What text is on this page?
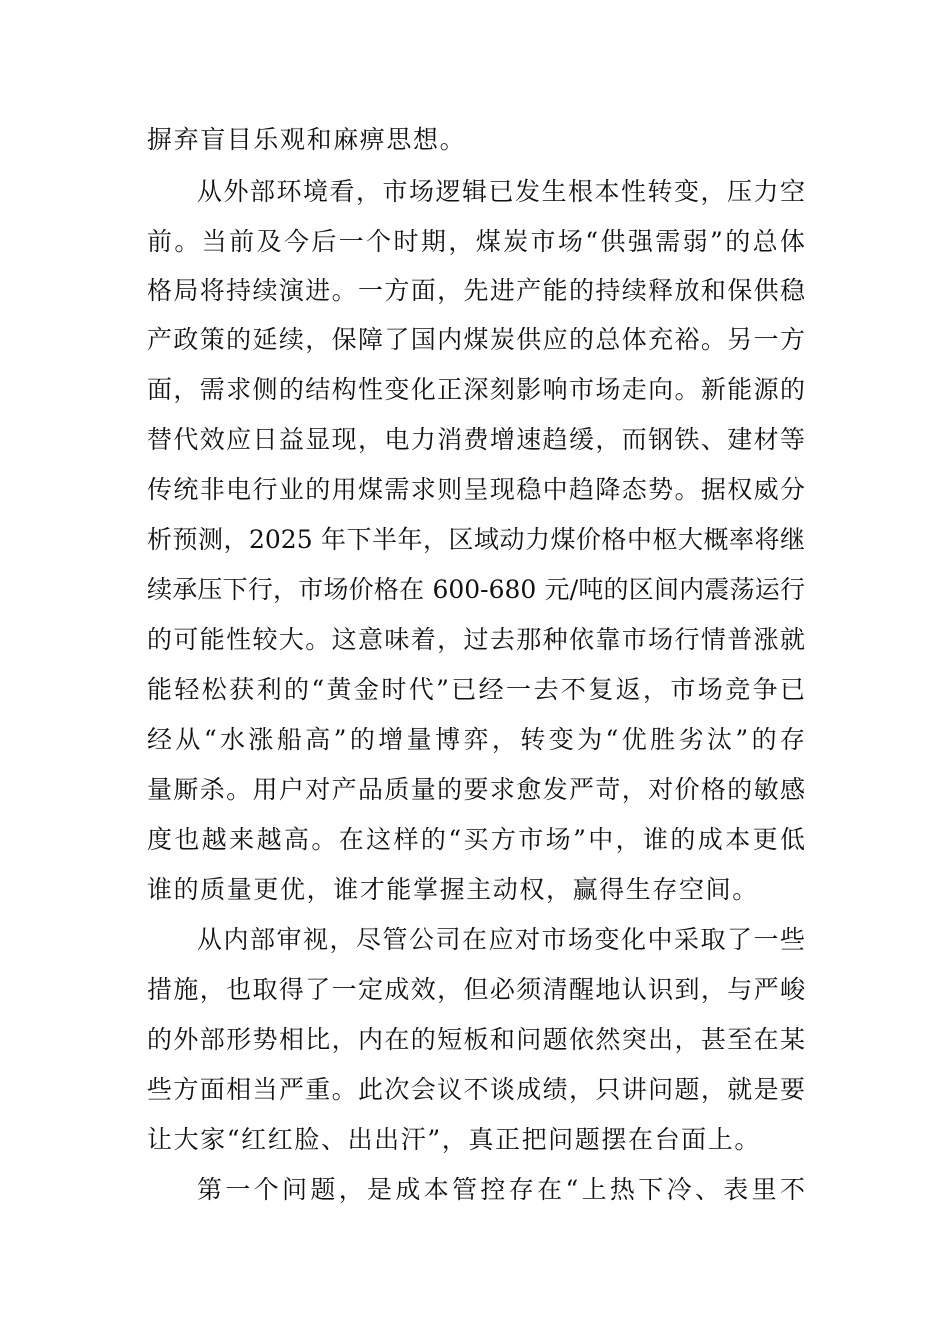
摒弃盲目乐观和麻痹思想。
从外部环境看，市场逻辑已发生根本性转变，压力空
前。当前及今后一个时期，煤炭市场“供强需弱”的总体
格局将持续演进。一方面，先进产能的持续释放和保供稳
产政策的延续，保障了国内煤炭供应的总体充裕。另一方
面，需求侧的结构性变化正深刻影响市场走向。新能源的
替代效应日益显现，电力消费增速趋缓，而钢铁、建材等
传统非电行业的用煤需求则呈现稳中趋降态势。据权威分
析预测，2025 年下半年，区域动力煤价格中枢大概率将继
续承压下行，市场价格在 600-680 元/吨的区间内震荡运行
的可能性较大。这意味着，过去那种依靠市场行情普涨就
能轻松获利的“黄金时代”已经一去不复返，市场竞争已
经从“水涨船高”的增量博弈，转变为“优胜劣汰”的存
量厮杀。用户对产品质量的要求愈发严苛，对价格的敏感
度也越来越高。在这样的“买方市场”中，谁的成本更低
谁的质量更优，谁才能掌握主动权，赢得生存空间。
从内部审视，尽管公司在应对市场变化中采取了一些
措施，也取得了一定成效，但必须清醒地认识到，与严峻
的外部形势相比，内在的短板和问题依然突出，甚至在某
些方面相当严重。此次会议不谈成绩，只讲问题，就是要
让大家“红红脸、出出汗”，真正把问题摆在台面上。
第一个问题，是成本管控存在“上热下冷、表里不
